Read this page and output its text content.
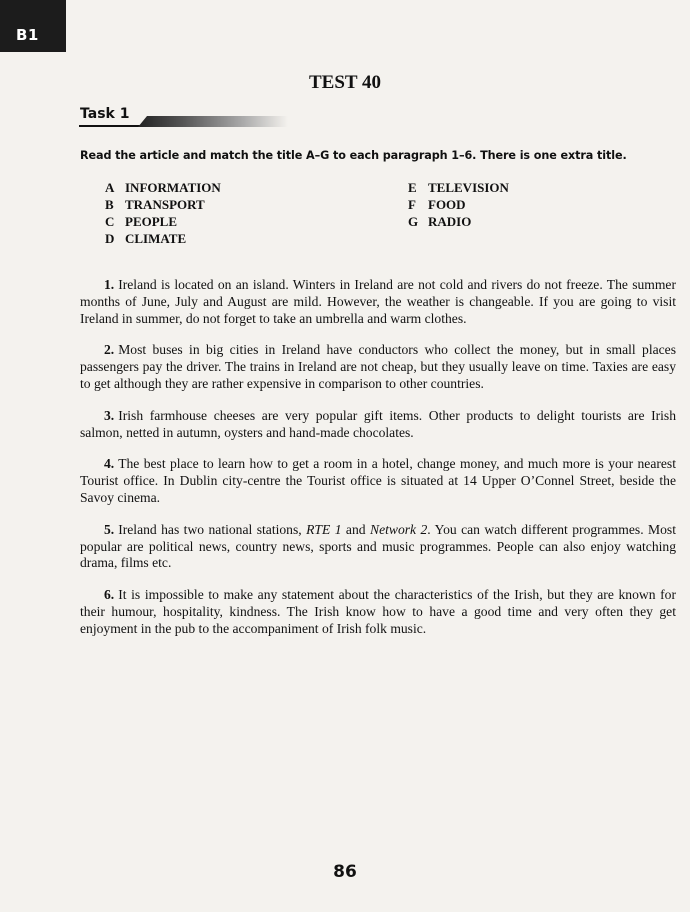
B1
TEST 40
Task 1
Read the article and match the title A–G to each paragraph 1–6. There is one extra title.
A INFORMATION
B TRANSPORT
C PEOPLE
D CLIMATE
E TELEVISION
F FOOD
G RADIO

1. Ireland is located on an island. Winters in Ireland are not cold and rivers do not freeze. The summer months of June, July and August are mild. However, the weather is changeable. If you are going to visit Ireland in summer, do not forget to take an umbrella and warm clothes.

2. Most buses in big cities in Ireland have conductors who collect the money, but in small places passengers pay the driver. The trains in Ireland are not cheap, but they usually leave on time. Taxies are easy to get although they are rather expensive in comparison to other countries.

3. Irish farmhouse cheeses are very popular gift items. Other products to delight tourists are Irish salmon, netted in autumn, oysters and hand-made chocolates.

4. The best place to learn how to get a room in a hotel, change money, and much more is your nearest Tourist office. In Dublin city-centre the Tourist office is situated at 14 Upper O’Connel Street, beside the Savoy cinema.

5. Ireland has two national stations, RTE 1 and Network 2. You can watch different programmes. Most popular are political news, country news, sports and music programmes. People can also enjoy watching drama, films etc.

6. It is impossible to make any statement about the characteristics of the Irish, but they are known for their humour, hospitality, kindness. The Irish know how to have a good time and very often they get enjoyment in the pub to the accompaniment of Irish folk music.

86
